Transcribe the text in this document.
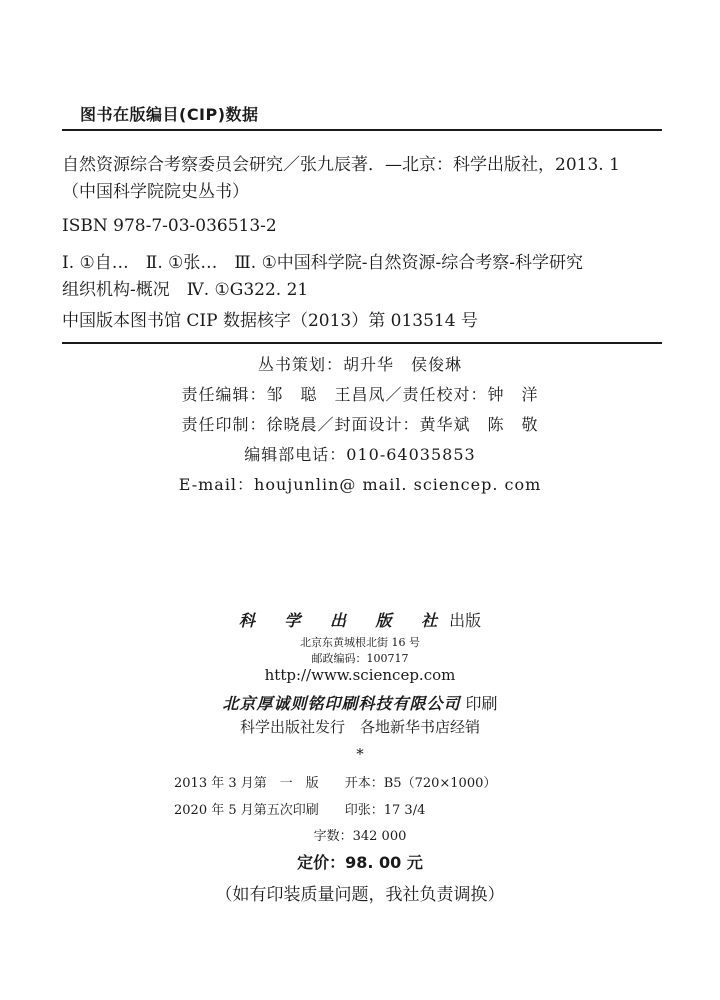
图书在版编目(CIP)数据
自然资源综合考察委员会研究／张九辰著．—北京：科学出版社，2013. 1
（中国科学院院史丛书）
ISBN 978-7-03-036513-2
Ⅰ. ①自…　Ⅱ. ①张…　Ⅲ. ①中国科学院-自然资源-综合考察-科学研究
组织机构-概况　Ⅳ. ①G322. 21
中国版本图书馆 CIP 数据核字（2013）第 013514 号
丛书策划：胡升华　侯俊琳
责任编辑：邹　聪　王昌凤／责任校对：钟　洋
责任印制：徐晓晨／封面设计：黄华斌　陈　敬
编辑部电话：010-64035853
E-mail：houjunlin@ mail. sciencep. com
科 学 出 版 社出版
北京东黄城根北街 16 号
邮政编码：100717
http://www.sciencep.com
北京厚诚则铭印刷科技有限公司 印刷
科学出版社发行　各地新华书店经销
*
2013 年 3 月第　一　版　　开本：B5（720×1000）
2020 年 5 月第五次印刷　　印张：17 3/4
字数：342 000
定价：98. 00 元
（如有印装质量问题，我社负责调换）
